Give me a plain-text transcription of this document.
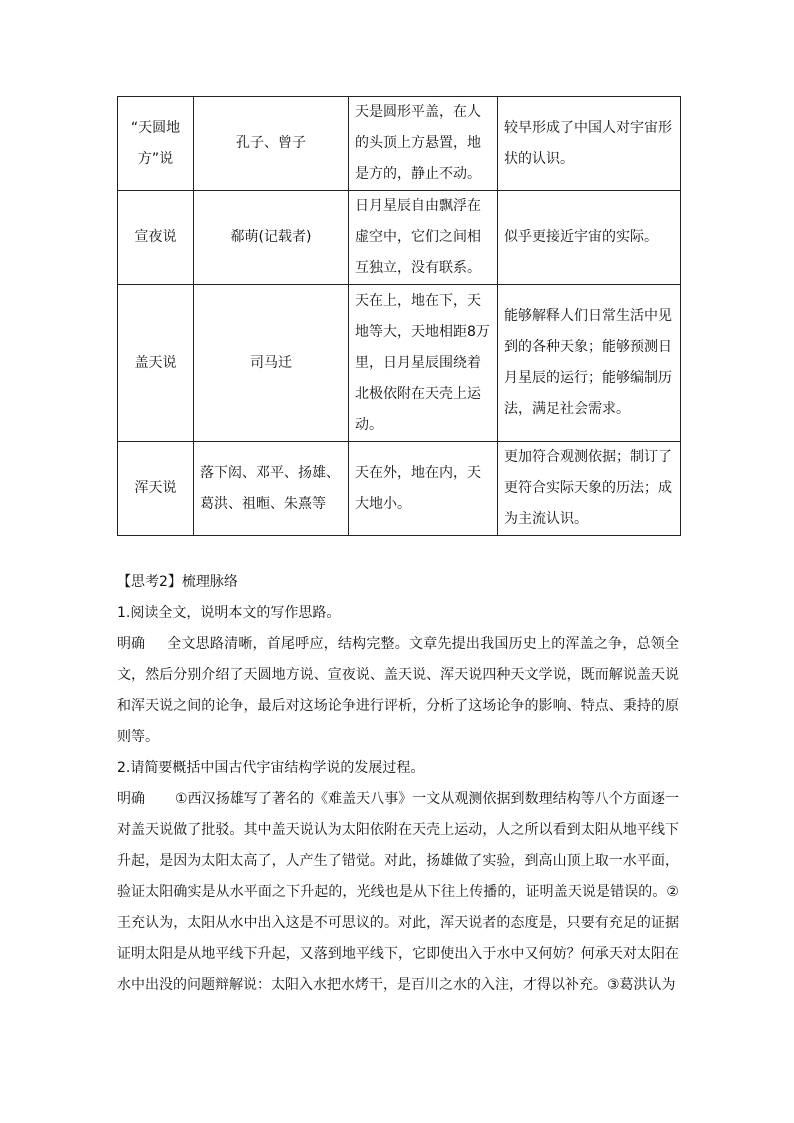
“天圆地方”说	孔子、曾子	天是圆形平盖，在人的头顶上方悬置，地是方的，静止不动。	较早形成了中国人对宇宙形状的认识。
宣夜说	郗萌(记载者)	日月星辰自由飘浮在虚空中，它们之间相互独立，没有联系。	似乎更接近宇宙的实际。
盖天说	司马迁	天在上，地在下，天地等大，天地相距8万里，日月星辰围绕着北极依附在天壳上运动。	能够解释人们日常生活中见到的各种天象；能够预测日月星辰的运行；能够编制历法，满足社会需求。
浑天说	落下闳、邓平、扬雄、葛洪、祖暅、朱熹等	天在外，地在内，天大地小。	更加符合观测依据；制订了更符合实际天象的历法；成为主流认识。
【思考2】梳理脉络
1.阅读全文，说明本文的写作思路。
明确 全文思路清晰，首尾呼应，结构完整。文章先提出我国历史上的浑盖之争，总领全文，然后分别介绍了天圆地方说、宣夜说、盖天说、浑天说四种天文学说，既而解说盖天说和浑天说之间的论争，最后对这场论争进行评析，分析了这场论争的影响、特点、秉持的原则等。
2.请简要概括中国古代宇宙结构学说的发展过程。
明确 ①西汉扬雄写了著名的《难盖天八事》一文从观测依据到数理结构等八个方面逐一对盖天说做了批驳。其中盖天说认为太阳依附在天壳上运动，人之所以看到太阳从地平线下升起，是因为太阳太高了，人产生了错觉。对此，扬雄做了实验，到高山顶上取一水平面，验证太阳确实是从水平面之下升起的，光线也是从下往上传播的，证明盖天说是错误的。②王充认为，太阳从水中出入这是不可思议的。对此，浑天说者的态度是，只要有充足的证据证明太阳是从地平线下升起，又落到地平线下，它即使出入于水中又何妨？何承天对太阳在水中出没的问题辩解说：太阳入水把水烤干，是百川之水的入注，才得以补充。③葛洪认为
